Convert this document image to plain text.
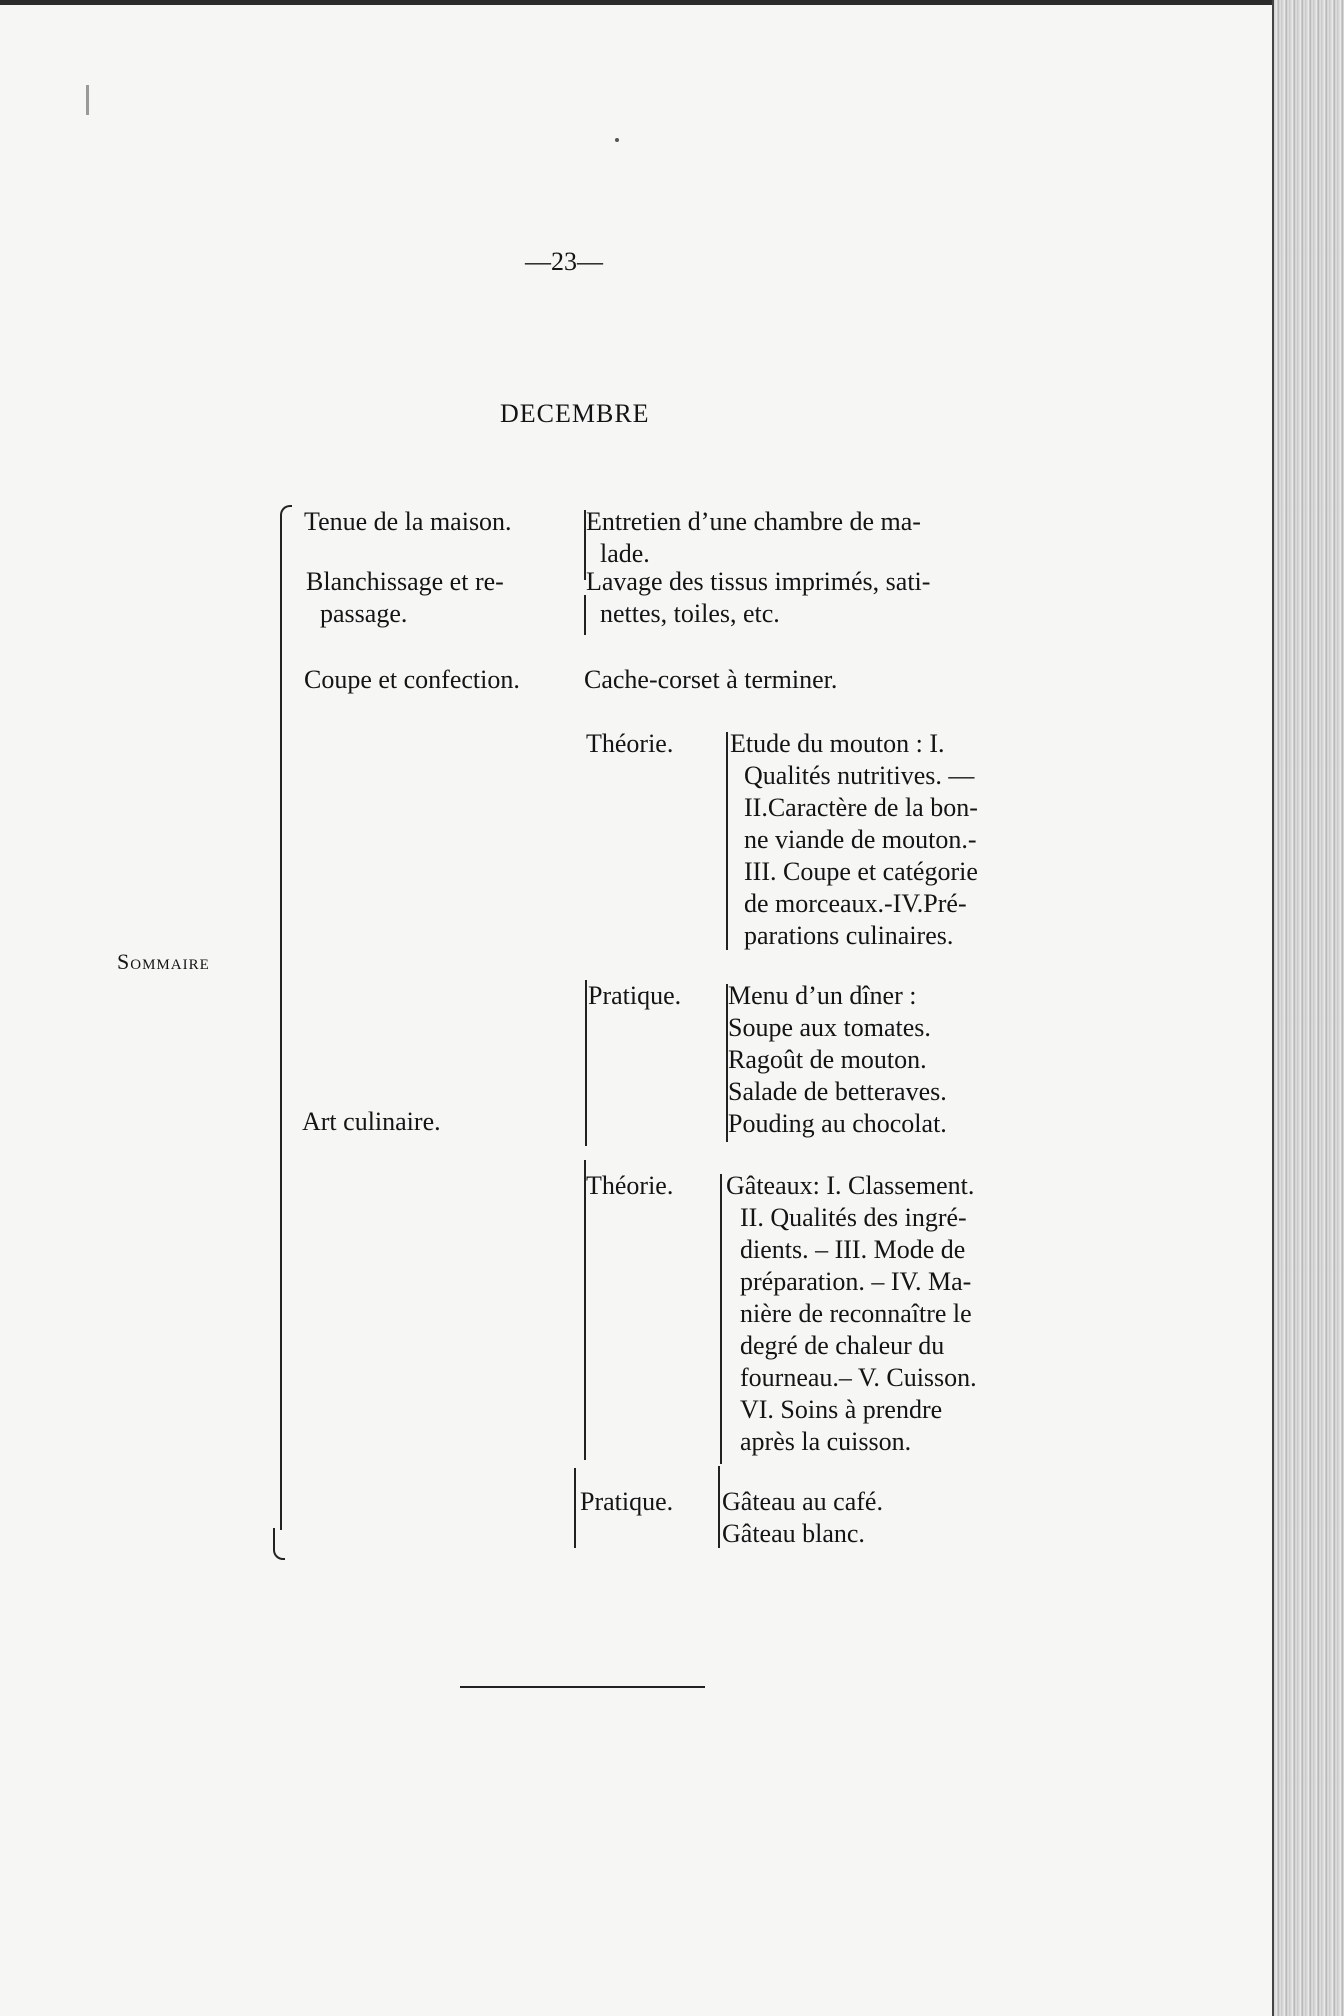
—23—

DECEMBRE

Sommaire

Tenue de la maison.	Entretien d’une chambre de ma-
lade.

Blanchissage et re-
passage.

Lavage des tissus imprimés, sati-
nettes, toiles, etc.

Coupe et confection. Cache-corset à terminer.

Art culinaire.

Théorie. Etude du mouton : I.
Qualités nutritives. —
II.Caractère de la bon-
ne viande de mouton.-
III. Coupe et catégorie
de morceaux.-IV.Pré-
parations culinaires.

Pratique. Menu d’un dîner :
Soupe aux tomates.
Ragoût de mouton.
Salade de betteraves.
Pouding au chocolat.

Théorie. Gâteaux: I. Classement.
II. Qualités des ingré-
dients. – III. Mode de
préparation. – IV. Ma-
nière de reconnaître le
degré de chaleur du
fourneau.– V. Cuisson.
VI. Soins à prendre
après la cuisson.

Pratique. Gâteau au café.
Gâteau blanc.
